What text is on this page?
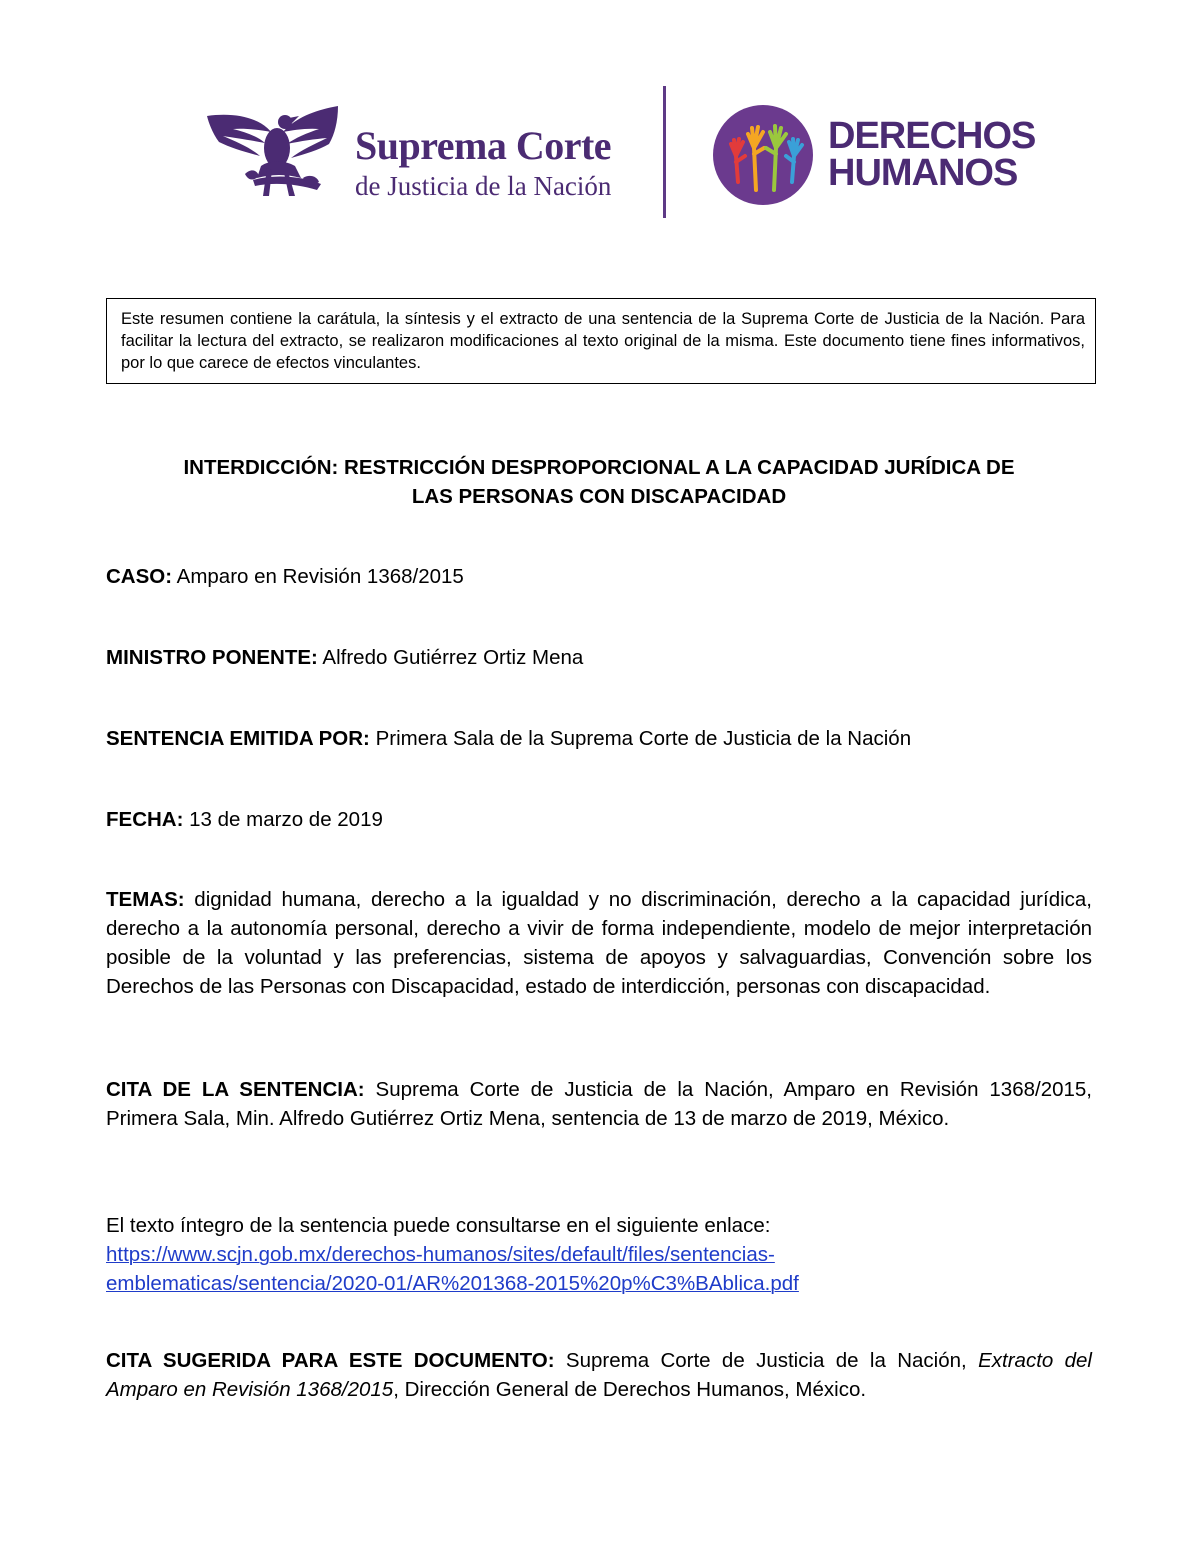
Suprema Corte
de Justicia de la Nación
DERECHOS
HUMANOS
Este resumen contiene la carátula, la síntesis y el extracto de una sentencia de la Suprema Corte de Justicia de la Nación. Para facilitar la lectura del extracto, se realizaron modificaciones al texto original de la misma. Este documento tiene fines informativos, por lo que carece de efectos vinculantes.
INTERDICCIÓN: RESTRICCIÓN DESPROPORCIONAL A LA CAPACIDAD JURÍDICA DE
LAS PERSONAS CON DISCAPACIDAD
CASO: Amparo en Revisión 1368/2015
MINISTRO PONENTE: Alfredo Gutiérrez Ortiz Mena
SENTENCIA EMITIDA POR: Primera Sala de la Suprema Corte de Justicia de la Nación
FECHA: 13 de marzo de 2019
TEMAS: dignidad humana, derecho a la igualdad y no discriminación, derecho a la capacidad jurídica, derecho a la autonomía personal, derecho a vivir de forma independiente, modelo de mejor interpretación posible de la voluntad y las preferencias, sistema de apoyos y salvaguardias, Convención sobre los Derechos de las Personas con Discapacidad, estado de interdicción, personas con discapacidad.
CITA DE LA SENTENCIA: Suprema Corte de Justicia de la Nación, Amparo en Revisión 1368/2015, Primera Sala, Min. Alfredo Gutiérrez Ortiz Mena, sentencia de 13 de marzo de 2019, México.
El texto íntegro de la sentencia puede consultarse en el siguiente enlace:
https://www.scjn.gob.mx/derechos-humanos/sites/default/files/sentencias-
emblematicas/sentencia/2020-01/AR%201368-2015%20p%C3%BAblica.pdf
CITA SUGERIDA PARA ESTE DOCUMENTO: Suprema Corte de Justicia de la Nación, Extracto del Amparo en Revisión 1368/2015, Dirección General de Derechos Humanos, México.
